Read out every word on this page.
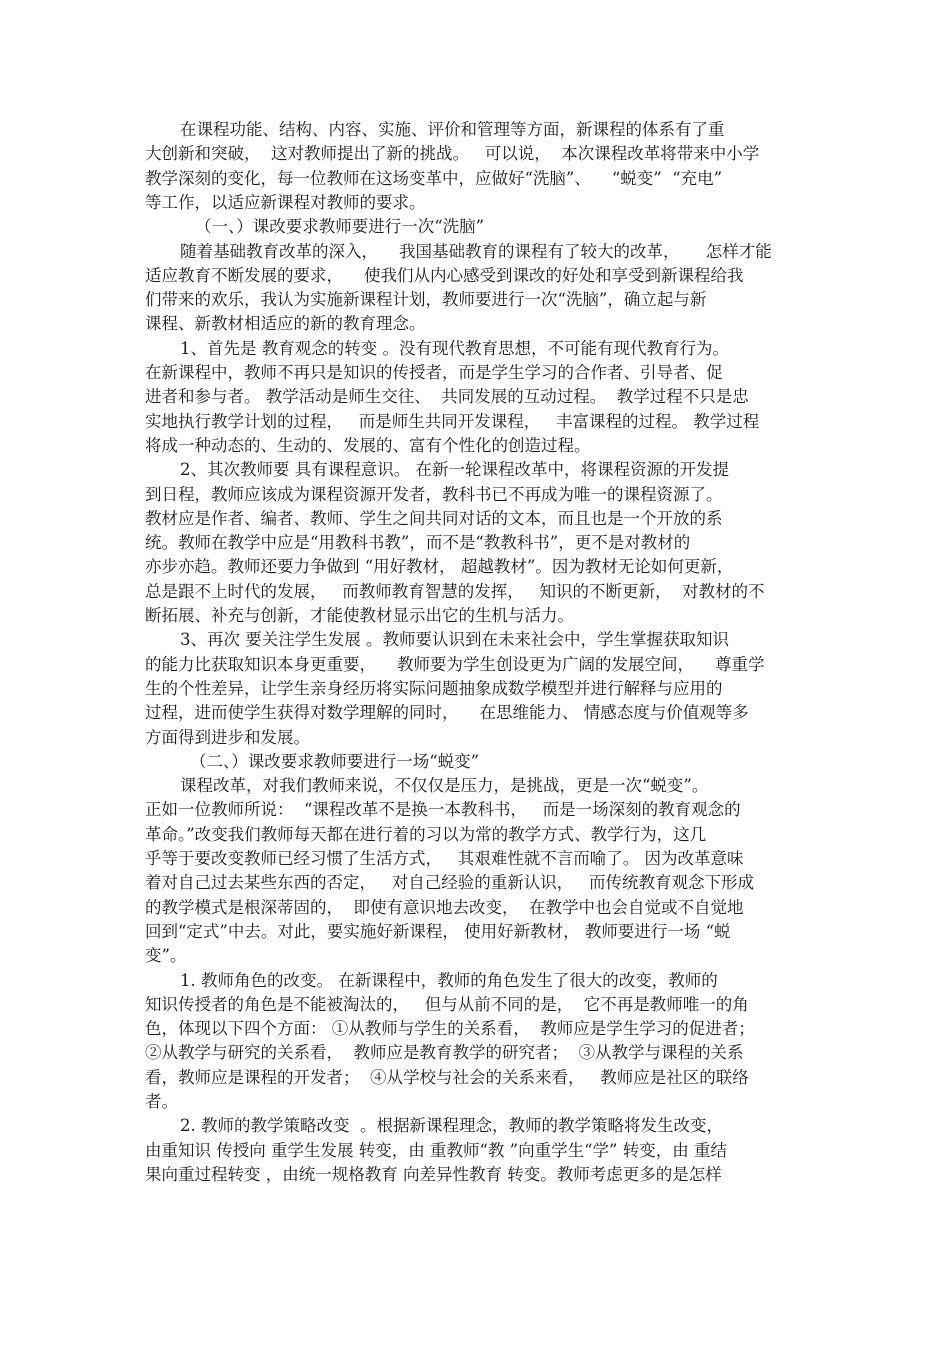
在课程功能、结构、内容、实施、评价和管理等方面，新课程的体系有了重
大创新和突破，  这对教师提出了新的挑战。   可以说，  本次课程改革将带来中小学
教学深刻的变化，每一位教师在这场变革中，应做好“洗脑”、    “蜕变”  “充电”
等工作，以适应新课程对教师的要求。
（一、）课改要求教师要进行一次“洗脑”
随着基础教育改革的深入，    我国基础教育的课程有了较大的改革，     怎样才能
适应教育不断发展的要求，    使我们从内心感受到课改的好处和享受到新课程给我
们带来的欢乐，我认为实施新课程计划，教师要进行一次“洗脑”，确立起与新
课程、新教材相适应的新的教育理念。
1、首先是 教育观念的转变 。没有现代教育思想，不可能有现代教育行为。
在新课程中，教师不再只是知识的传授者，而是学生学习的合作者、引导者、促
进者和参与者。 教学活动是师生交往、  共同发展的互动过程。  教学过程不只是忠
实地执行教学计划的过程，   而是师生共同开发课程，   丰富课程的过程。 教学过程
将成一种动态的、生动的、发展的、富有个性化的创造过程。
2、其次教师要 具有课程意识。 在新一轮课程改革中，将课程资源的开发提
到日程，教师应该成为课程资源开发者，教科书已不再成为唯一的课程资源了。
教材应是作者、编者、教师、学生之间共同对话的文本，而且也是一个开放的系
统。教师在教学中应是“用教科书教”，而不是“教教科书”，更不是对教材的
亦步亦趋。教师还要力争做到 “用好教材， 超越教材”。因为教材无论如何更新，
总是跟不上时代的发展，   而教师教育智慧的发挥，   知识的不断更新，  对教材的不
断拓展、补充与创新，才能使教材显示出它的生机与活力。
3、再次 要关注学生发展 。教师要认识到在未来社会中，学生掌握获取知识
的能力比获取知识本身更重要，    教师要为学生创设更为广阔的发展空间，    尊重学
生的个性差异，让学生亲身经历将实际问题抽象成数学模型并进行解释与应用的
过程，进而使学生获得对数学理解的同时，    在思维能力、 情感态度与价值观等多
方面得到进步和发展。
（二、）课改要求教师要进行一场“蜕变”
课程改革，对我们教师来说，不仅仅是压力，是挑战，更是一次“蜕变”。
正如一位教师所说：  “课程改革不是换一本教科书，   而是一场深刻的教育观念的
革命。”改变我们教师每天都在进行着的习以为常的教学方式、教学行为，这几
乎等于要改变教师已经习惯了生活方式，   其艰难性就不言而喻了。 因为改革意味
着对自己过去某些东西的否定，   对自己经验的重新认识，   而传统教育观念下形成
的教学模式是根深蒂固的，  即使有意识地去改变，  在教学中也会自觉或不自觉地
回到“定式”中去。对此，要实施好新课程， 使用好新教材， 教师要进行一场 “蜕
变”。
1. 教师角色的改变。 在新课程中，教师的角色发生了很大的改变，教师的
知识传授者的角色是不能被淘汰的，   但与从前不同的是，  它不再是教师唯一的角
色，体现以下四个方面： ①从教师与学生的关系看，  教师应是学生学习的促进者；
②从教学与研究的关系看，  教师应是教育教学的研究者；  ③从教学与课程的关系
看，教师应是课程的开发者；  ④从学校与社会的关系来看，   教师应是社区的联络
者。
2. 教师的教学策略改变  。根据新课程理念，教师的教学策略将发生改变，
由重知识 传授向 重学生发展 转变，由 重教师“教 ”向重学生“学” 转变，由 重结
果向重过程转变 ，由统一规格教育 向差异性教育 转变。教师考虑更多的是怎样
